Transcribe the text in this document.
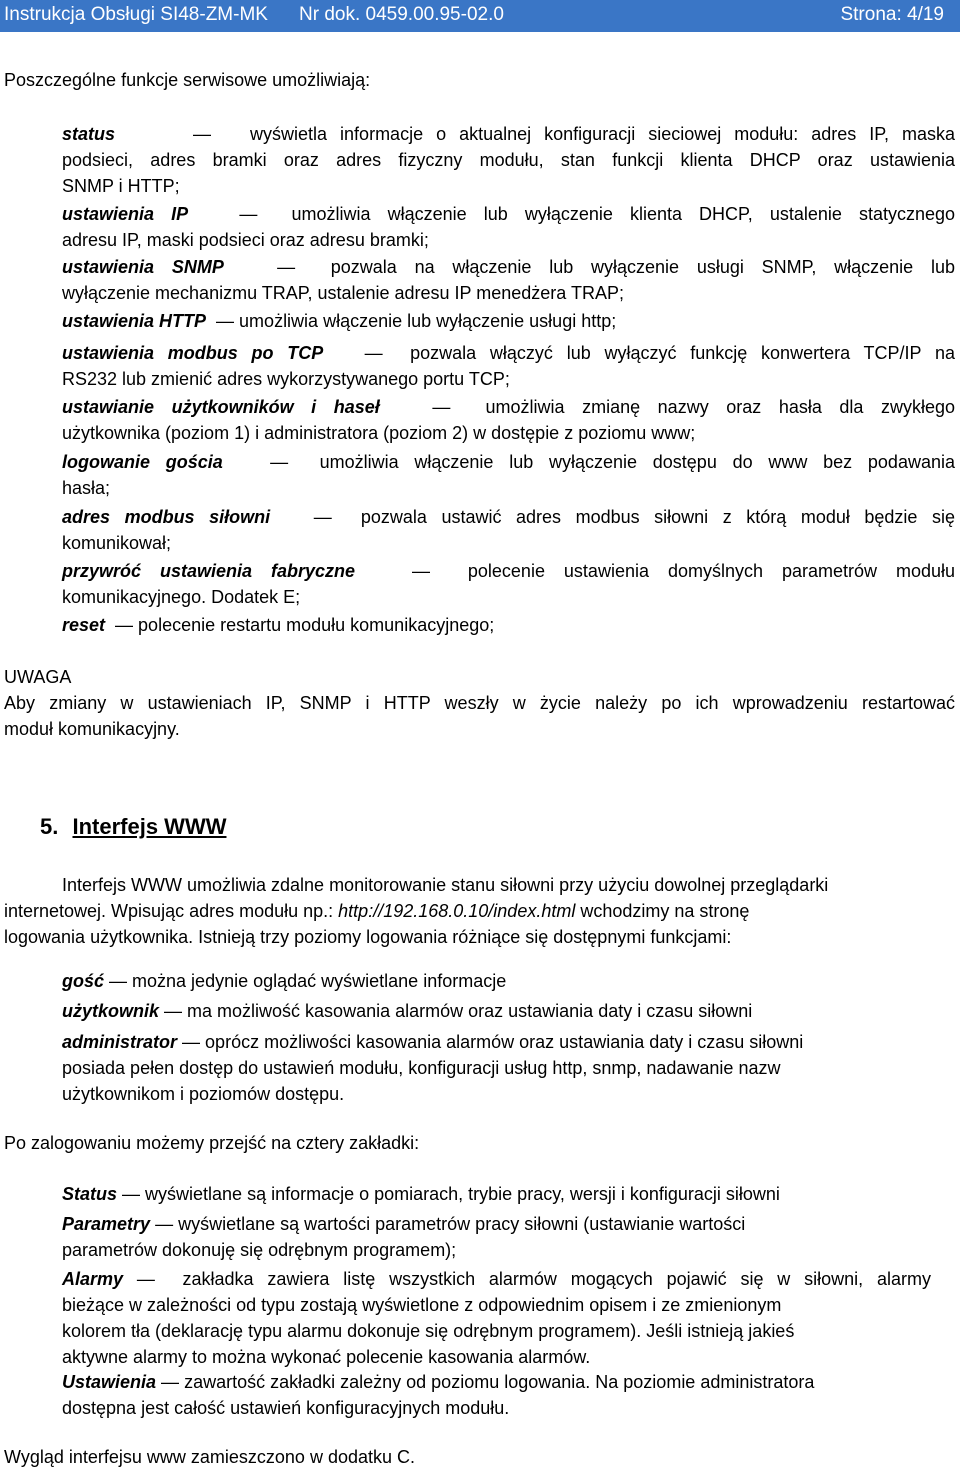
Instrukcja Obsługi SI48-ZM-MK Nr dok. 0459.00.95-02.0	Strona: 4/19
Poszczególne funkcje serwisowe umożliwiają:
status      —   wyświetla informacje o aktualnej konfiguracji sieciowej modułu: adres IP, maska
podsieci, adres bramki oraz adres fizyczny modułu, stan funkcji klienta DHCP oraz ustawienia
SNMP i HTTP;
ustawienia IP   —  umożliwia włączenie lub wyłączenie klienta DHCP, ustalenie statycznego
adresu IP, maski podsieci oraz adresu bramki;
ustawienia SNMP   —  pozwala na włączenie lub wyłączenie usługi SNMP, włączenie lub
wyłączenie mechanizmu TRAP, ustalenie adresu IP menedżera TRAP;
ustawienia HTTP  — umożliwia włączenie lub wyłączenie usługi http;
ustawienia modbus po TCP   —  pozwala włączyć lub wyłączyć funkcję konwertera TCP/IP na
RS232 lub zmienić adres wykorzystywanego portu TCP;
ustawianie użytkowników i haseł   —  umożliwia zmianę nazwy oraz hasła dla zwykłego
użytkownika (poziom 1) i administratora (poziom 2) w dostępie z poziomu www;
logowanie gościa   —  umożliwia włączenie lub wyłączenie dostępu do www bez podawania
hasła;
adres modbus siłowni   —  pozwala ustawić adres modbus siłowni z którą moduł będzie się
komunikował;
przywróć ustawienia fabryczne   —  polecenie ustawienia domyślnych parametrów modułu
komunikacyjnego. Dodatek E;
reset  — polecenie restartu modułu komunikacyjnego;
UWAGA
Aby zmiany w ustawieniach IP, SNMP i HTTP weszły w życie należy po ich wprowadzeniu restartować
moduł komunikacyjny.
5. Interfejs WWW
Interfejs WWW umożliwia zdalne monitorowanie stanu siłowni przy użyciu dowolnej przeglądarki
internetowej. Wpisując adres modułu np.: http://192.168.0.10/index.html wchodzimy na stronę
logowania użytkownika. Istnieją trzy poziomy logowania różniące się dostępnymi funkcjami:
gość — można jedynie oglądać wyświetlane informacje
użytkownik — ma możliwość kasowania alarmów oraz ustawiania daty i czasu siłowni
administrator — oprócz możliwości kasowania alarmów oraz ustawiania daty i czasu siłowni
posiada pełen dostęp do ustawień modułu, konfiguracji usług http, snmp, nadawanie nazw
użytkownikom i poziomów dostępu.
Po zalogowaniu możemy przejść na cztery zakładki:
Status — wyświetlane są informacje o pomiarach, trybie pracy, wersji i konfiguracji siłowni
Parametry — wyświetlane są wartości parametrów pracy siłowni (ustawianie wartości
parametrów dokonuję się odrębnym programem);
Alarmy —  zakładka zawiera listę wszystkich alarmów mogących pojawić się w siłowni, alarmy
bieżące w zależności od typu zostają wyświetlone z odpowiednim opisem i ze zmienionym
kolorem tła (deklarację typu alarmu dokonuje się odrębnym programem). Jeśli istnieją jakieś
aktywne alarmy to można wykonać polecenie kasowania alarmów.
Ustawienia — zawartość zakładki zależny od poziomu logowania. Na poziomie administratora
dostępna jest całość ustawień konfiguracyjnych modułu.
Wygląd interfejsu www zamieszczono w dodatku C.
